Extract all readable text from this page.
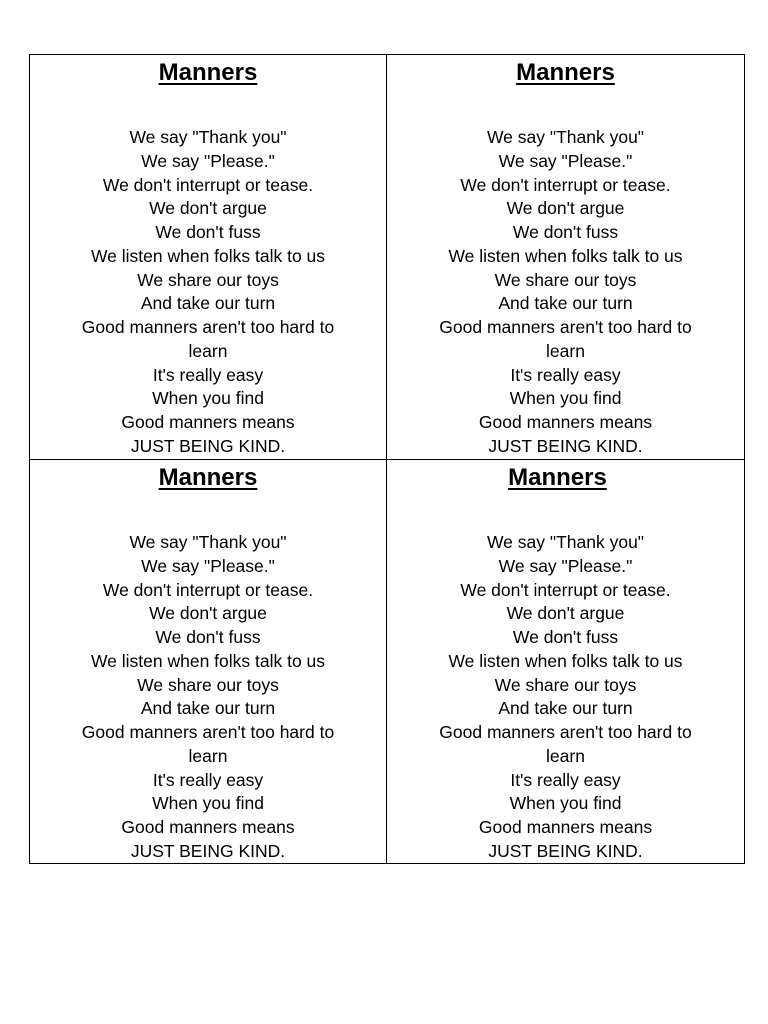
Manners
We say "Thank you"
We say "Please."
We don't interrupt or tease.
We don't argue
We don't fuss
We listen when folks talk to us
We share our toys
And take our turn
Good manners aren't too hard to
learn
It's really easy
When you find
Good manners means
JUST BEING KIND.
Manners
We say "Thank you"
We say "Please."
We don't interrupt or tease.
We don't argue
We don't fuss
We listen when folks talk to us
We share our toys
And take our turn
Good manners aren't too hard to
learn
It's really easy
When you find
Good manners means
JUST BEING KIND.
Manners
We say "Thank you"
We say "Please."
We don't interrupt or tease.
We don't argue
We don't fuss
We listen when folks talk to us
We share our toys
And take our turn
Good manners aren't too hard to
learn
It's really easy
When you find
Good manners means
JUST BEING KIND.
Manners
We say "Thank you"
We say "Please."
We don't interrupt or tease.
We don't argue
We don't fuss
We listen when folks talk to us
We share our toys
And take our turn
Good manners aren't too hard to
learn
It's really easy
When you find
Good manners means
JUST BEING KIND.
